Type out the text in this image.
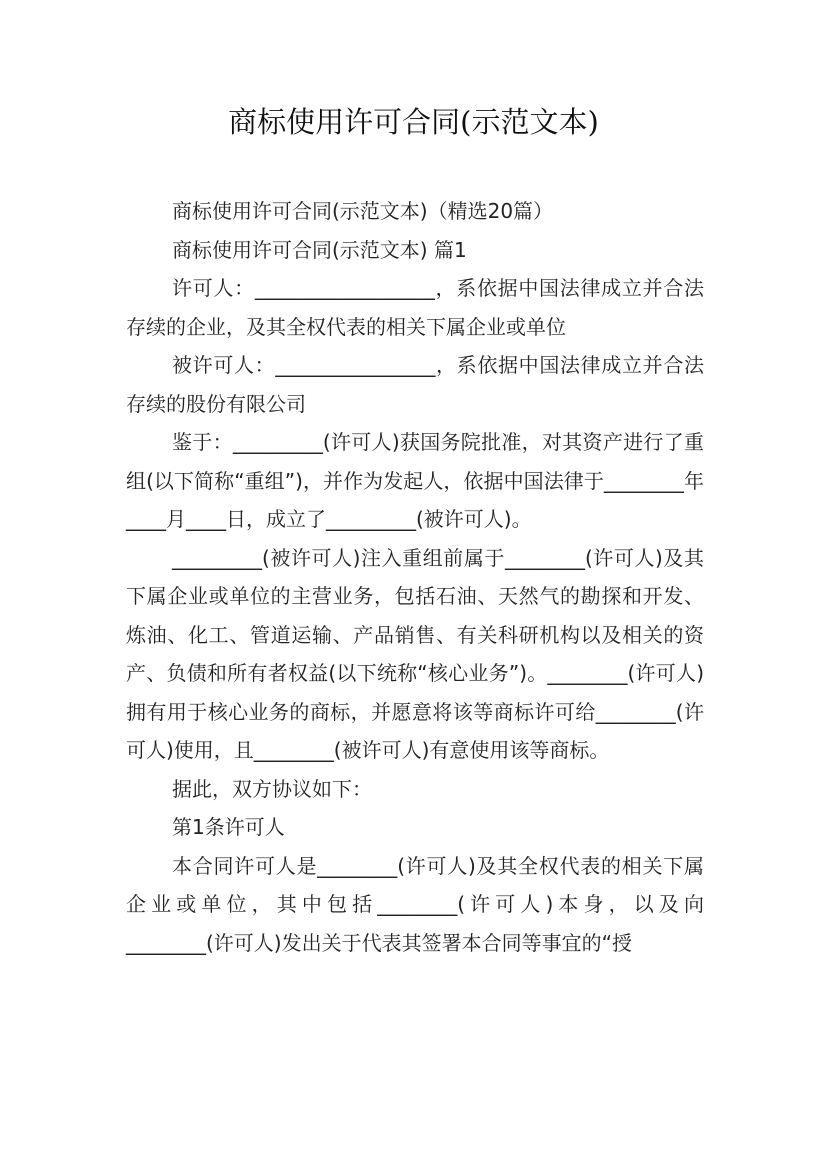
商标使用许可合同(示范文本)

商标使用许可合同(示范文本)（精选20篇）

商标使用许可合同(示范文本) 篇1

许可人：__________________，系依据中国法律成立并合法存续的企业，及其全权代表的相关下属企业或单位

被许可人：________________，系依据中国法律成立并合法存续的股份有限公司

鉴于：_________(许可人)获国务院批准，对其资产进行了重组(以下简称“重组”)，并作为发起人，依据中国法律于________年____月____日，成立了_________(被许可人)。

_________(被许可人)注入重组前属于________(许可人)及其下属企业或单位的主营业务，包括石油、天然气的勘探和开发、炼油、化工、管道运输、产品销售、有关科研机构以及相关的资产、负债和所有者权益(以下统称“核心业务”)。________(许可人)拥有用于核心业务的商标，并愿意将该等商标许可给________(许可人)使用，且________(被许可人)有意使用该等商标。

据此，双方协议如下：

第1条许可人

本合同许可人是________(许可人)及其全权代表的相关下属企业或单位，其中包括________(许可人)本身，以及向________(许可人)发出关于代表其签署本合同等事宜的“授
